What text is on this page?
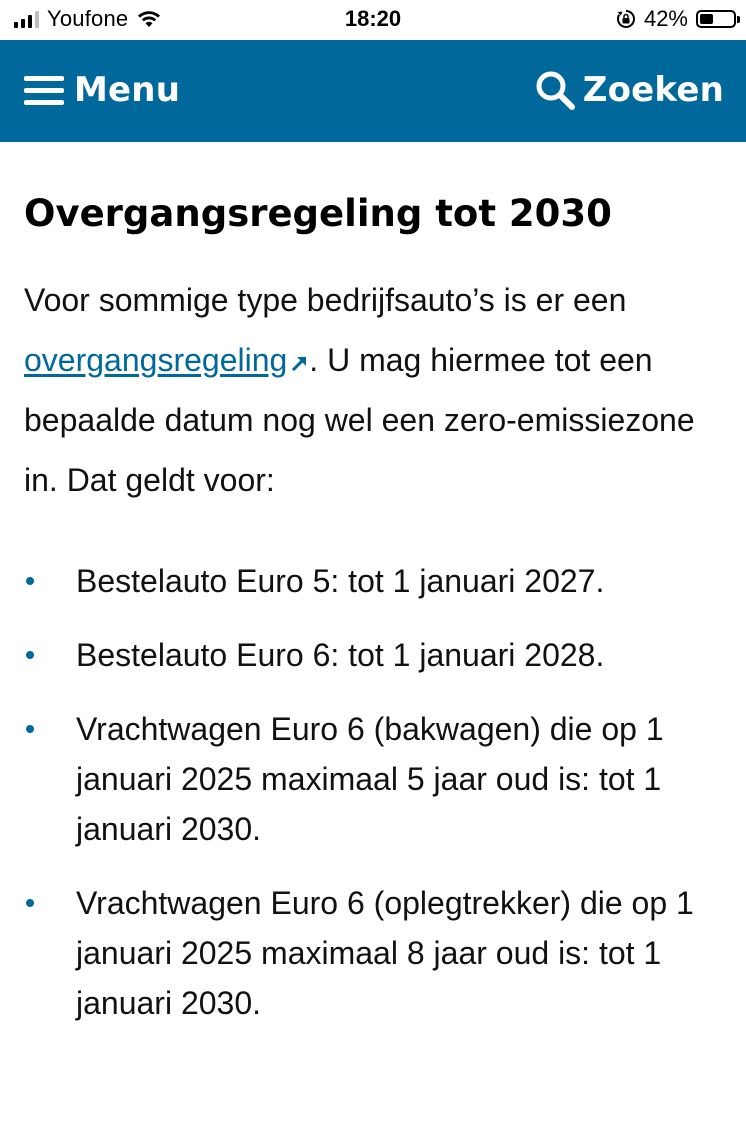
Youfone	18:20	42%
Menu	Zoeken
Overgangsregeling tot 2030

Voor sommige type bedrijfsauto’s is er een overgangsregeling . U mag hiermee tot een bepaalde datum nog wel een zero-emissiezone in. Dat geldt voor:

Bestelauto Euro 5: tot 1 januari 2027.
Bestelauto Euro 6: tot 1 januari 2028.
Vrachtwagen Euro 6 (bakwagen) die op 1 januari 2025 maximaal 5 jaar oud is: tot 1 januari 2030.
Vrachtwagen Euro 6 (oplegtrekker) die op 1 januari 2025 maximaal 8 jaar oud is: tot 1 januari 2030.
